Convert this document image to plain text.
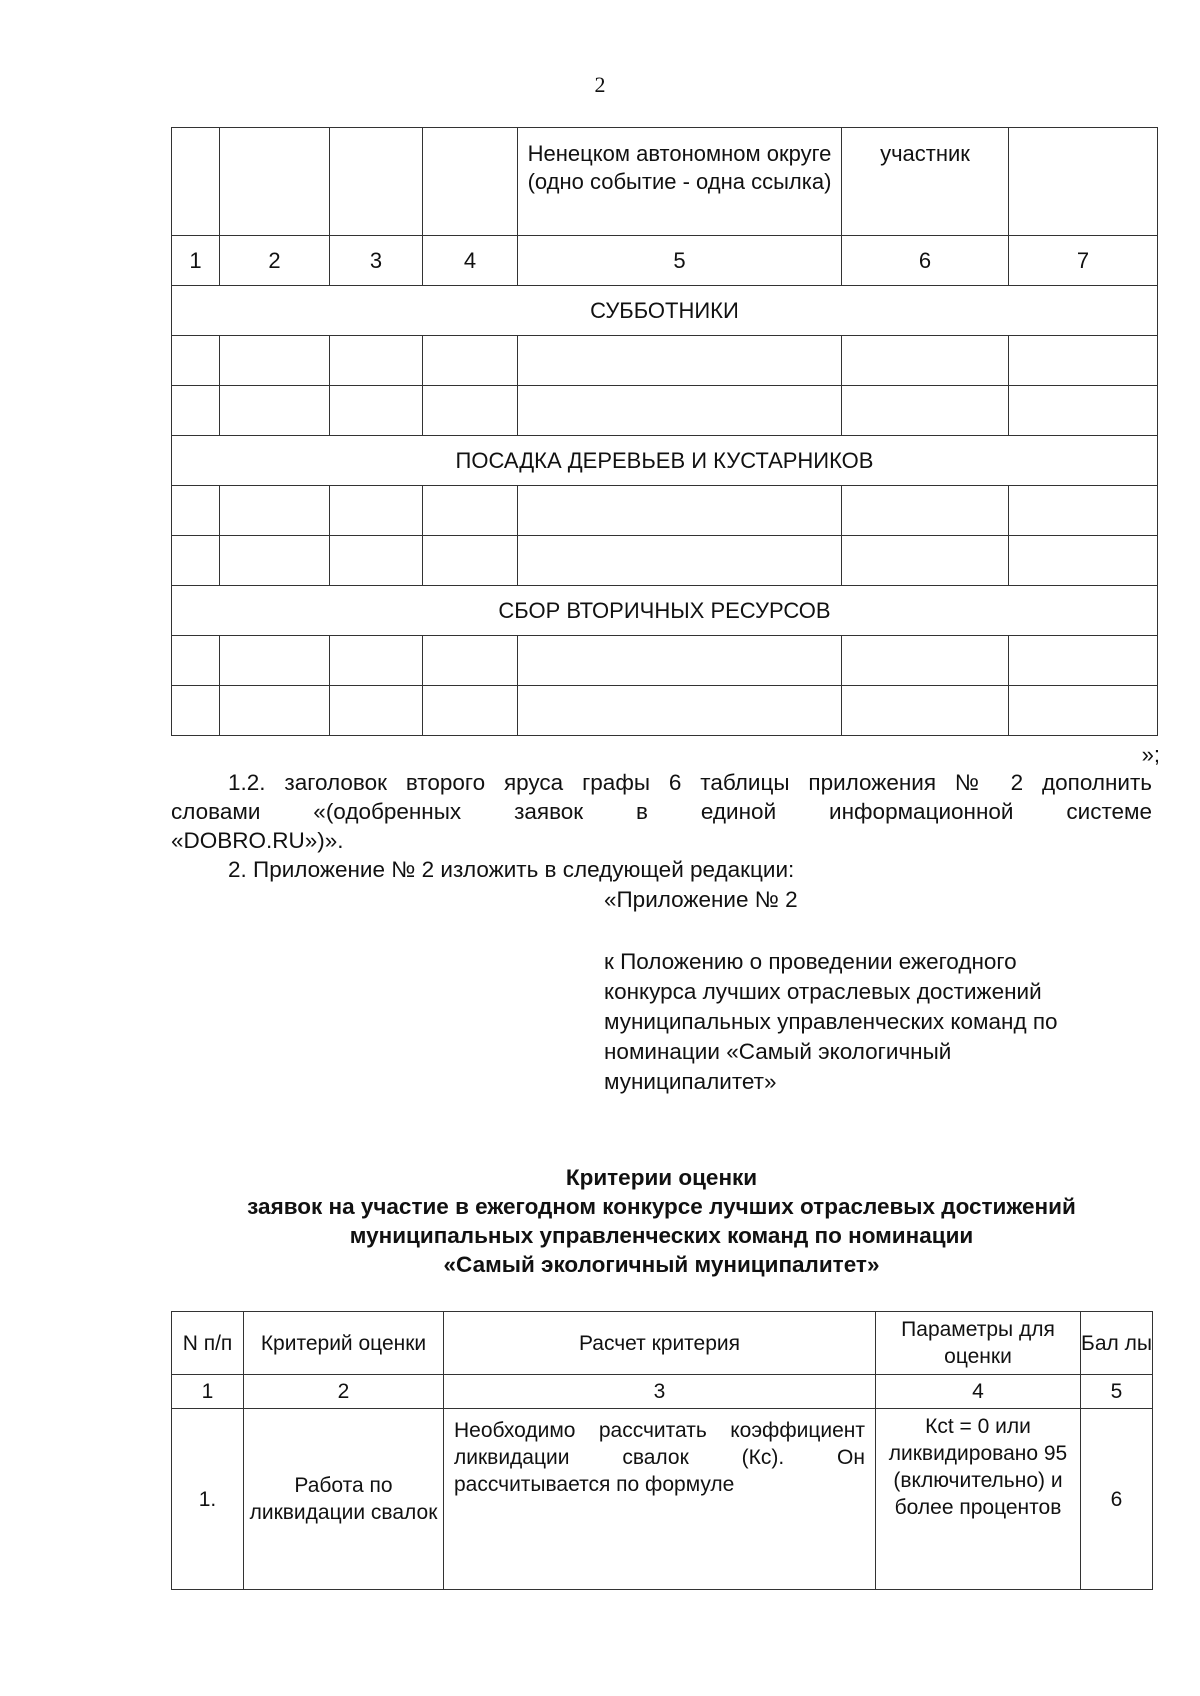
2
				Ненецком автономном округе (одно событие - одна ссылка)	участник	
1	2	3	4	5	6	7
СУББОТНИКИ						

ПОСАДКА ДЕРЕВЬЕВ И КУСТАРНИКОВ						

СБОР ВТОРИЧНЫХ РЕСУРСОВ						

»;
1.2. заголовок второго яруса графы 6 таблицы приложения № 2 дополнить
словами «(одобренных заявок в единой информационной системе
«DOBRO.RU»)».
2. Приложение № 2 изложить в следующей редакции:
«Приложение № 2
к Положению о проведении ежегодного
конкурса лучших отраслевых достижений
муниципальных управленческих команд по
номинации «Самый экологичный
муниципалитет»
Критерии оценки
заявок на участие в ежегодном конкурсе лучших отраслевых достижений
муниципальных управленческих команд по номинации
«Самый экологичный муниципалитет»
N п/п	Критерий оценки	Расчет критерия	Параметры для оценки	Бал лы
1	2	3	4	5
1.	Работа по ликвидации свалок	Необходимо рассчитать коэффициент ликвидации свалок (Кс). Он рассчитывается по формуле	Кct = 0 или ликвидировано 95 (включительно) и более процентов	6
